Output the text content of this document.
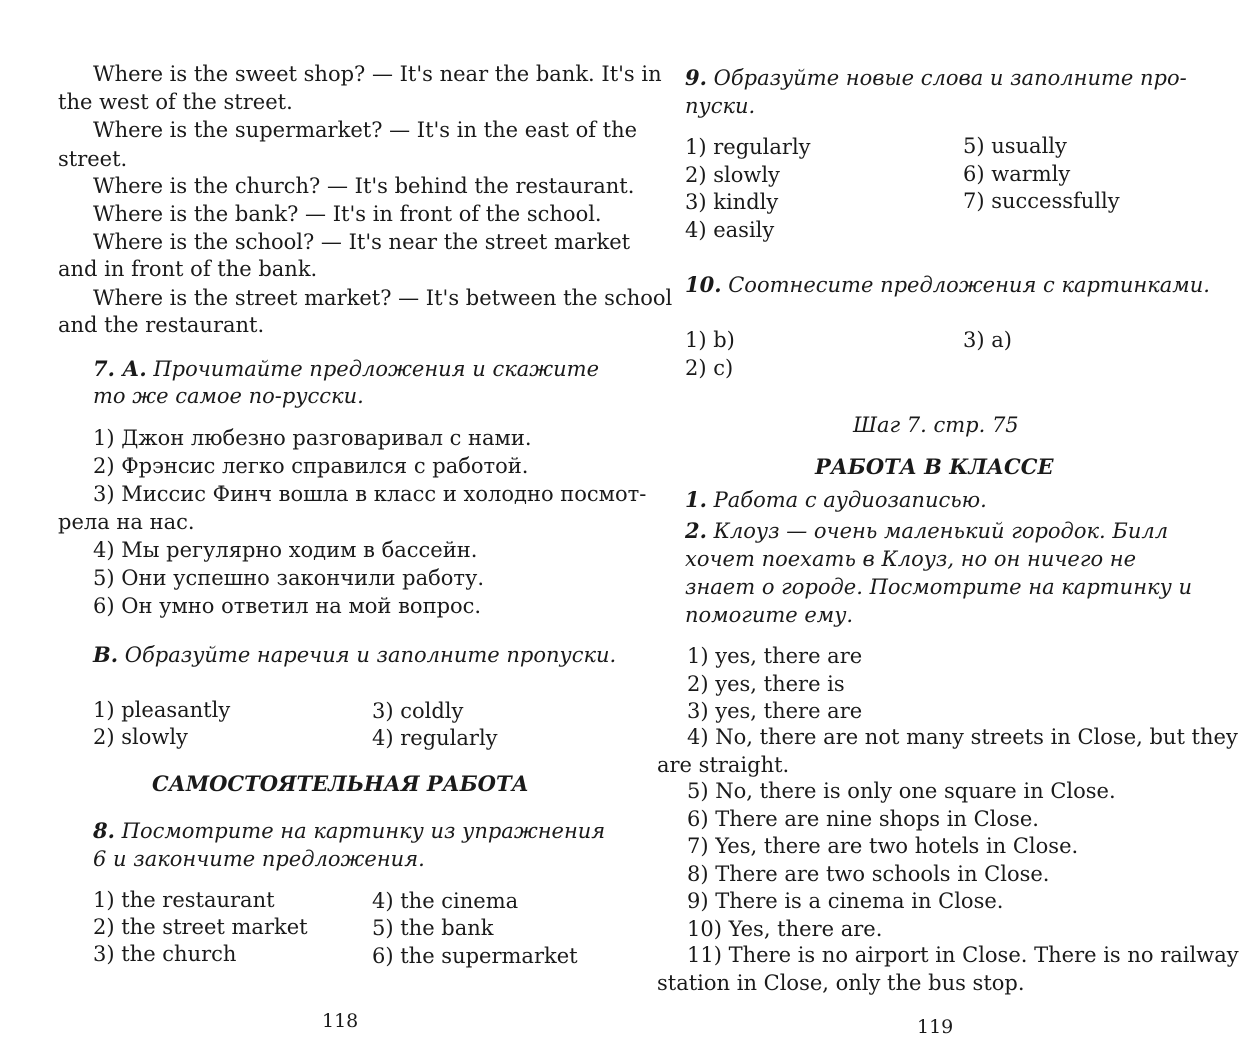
Where is the sweet shop? — It's near the bank. It's in
the west of the street.
Where is the supermarket? — It's in the east of the
street.
Where is the church? — It's behind the restaurant.
Where is the bank? — It's in front of the school.
Where is the school? — It's near the street market
and in front of the bank.
Where is the street market? — It's between the school
and the restaurant.
7. А. Прочитайте предложения и скажите
то же самое по-русски.
1) Джон любезно разговаривал с нами.
2) Фрэнсис легко справился с работой.
3) Миссис Финч вошла в класс и холодно посмот-
рела на нас.
4) Мы регулярно ходим в бассейн.
5) Они успешно закончили работу.
6) Он умно ответил на мой вопрос.
B. Образуйте наречия и заполните пропуски.
1) pleasantly
2) slowly
3) coldly
4) regularly
САМОСТОЯТЕЛЬНАЯ РАБОТА
8. Посмотрите на картинку из упражнения
6 и закончите предложения.
1) the restaurant
2) the street market
3) the church
4) the cinema
5) the bank
6) the supermarket
118
9. Образуйте новые слова и заполните про-
пуски.
1) regularly
2) slowly
3) kindly
4) easily
5) usually
6) warmly
7) successfully
10. Соотнесите предложения с картинками.
1) b)
2) c)
3) a)
Шаг 7. стр. 75
РАБОТА В КЛАССЕ
1. Работа с аудиозаписью.
2. Клоуз — очень маленький городок. Билл
хочет поехать в Клоуз, но он ничего не
знает о городе. Посмотрите на картинку и
помогите ему.
1) yes, there are
2) yes, there is
3) yes, there are
4) No, there are not many streets in Close, but they
are straight.
5) No, there is only one square in Close.
6) There are nine shops in Close.
7) Yes, there are two hotels in Close.
8) There are two schools in Close.
9) There is a cinema in Close.
10) Yes, there are.
11) There is no airport in Close. There is no railway
station in Close, only the bus stop.
119
